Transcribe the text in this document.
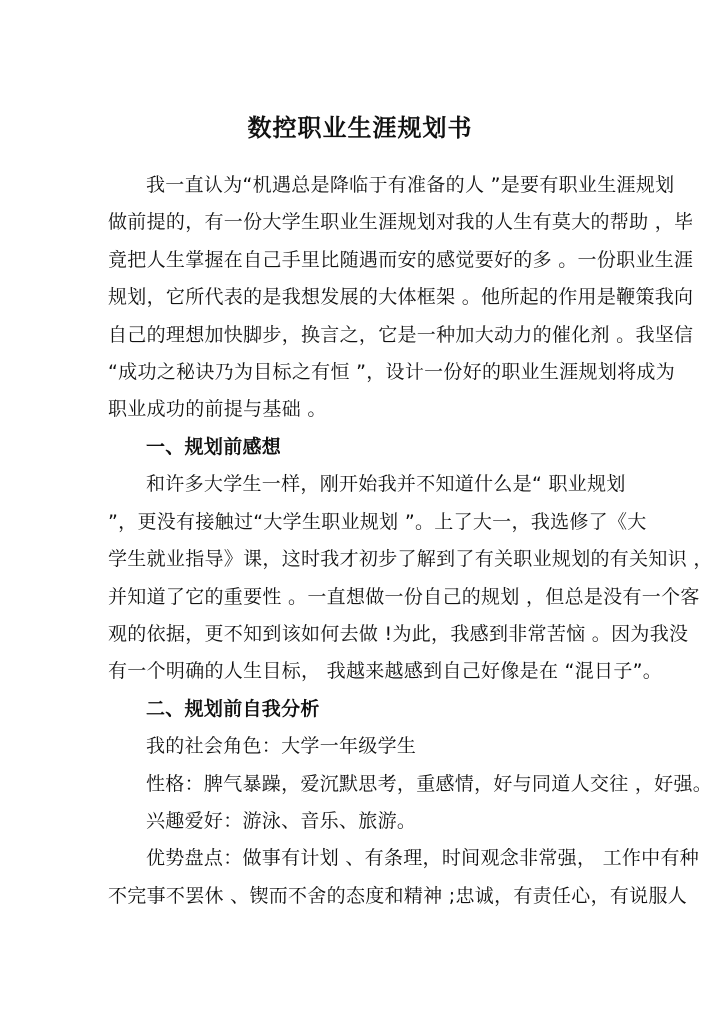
数控职业生涯规划书
我一直认为“机遇总是降临于有准备的人 ”是要有职业生涯规划
做前提的，有一份大学生职业生涯规划对我的人生有莫大的帮助 ，毕
竟把人生掌握在自己手里比随遇而安的感觉要好的多 。一份职业生涯
规划，它所代表的是我想发展的大体框架 。他所起的作用是鞭策我向
自己的理想加快脚步，换言之，它是一种加大动力的催化剂 。我坚信
“成功之秘诀乃为目标之有恒 ”，设计一份好的职业生涯规划将成为
职业成功的前提与基础 。
一、规划前感想
和许多大学生一样，刚开始我并不知道什么是“ 职业规划
”，更没有接触过“大学生职业规划 ”。上了大一，我选修了《大
学生就业指导》课，这时我才初步了解到了有关职业规划的有关知识 ，
并知道了它的重要性 。一直想做一份自己的规划 ，但总是没有一个客
观的依据，更不知到该如何去做 !为此，我感到非常苦恼 。因为我没
有一个明确的人生目标， 我越来越感到自己好像是在 “混日子”。
二、规划前自我分析
我的社会角色：大学一年级学生
性格：脾气暴躁，爱沉默思考，重感情，好与同道人交往 ，好强。
兴趣爱好：游泳、音乐、旅游。
优势盘点：做事有计划 、有条理，时间观念非常强， 工作中有种
不完事不罢休 、锲而不舍的态度和精神 ;忠诚，有责任心，有说服人
